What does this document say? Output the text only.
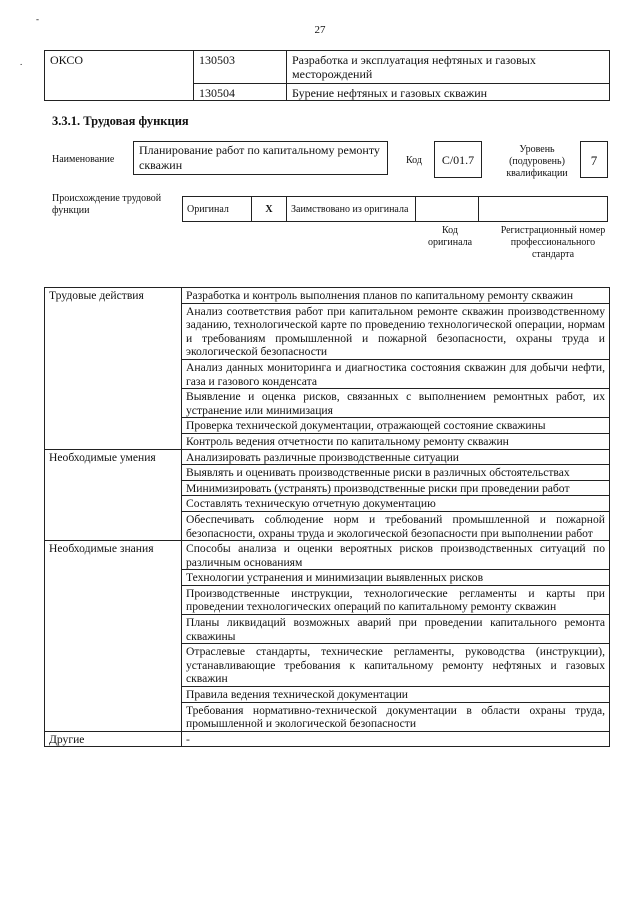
-
.
27
ОКСО	130503	Разработка и эксплуатация нефтяных и газовых месторождений
	130504	Бурение нефтяных и газовых скважин
3.3.1. Трудовая функция
Наименование
Планирование работ по капитальному ремонту скважин	Код	С/01.7
Уровень (подуровень) квалификации
7
Происхождение трудовой функции	Оригинал	X	Заимствовано из оригинала		
Код оригинала
Регистрационный номер профессионального стандарта
Трудовые действия	Разработка и контроль выполнения планов по капитальному ремонту скважин
	Анализ соответствия работ при капитальном ремонте скважин производственному заданию, технологической карте по проведению технологической операции, нормам и требованиям промышленной и пожарной безопасности, охраны труда и экологической безопасности
	Анализ данных мониторинга и диагностика состояния скважин для добычи нефти, газа и газового конденсата
	Выявление и оценка рисков, связанных с выполнением ремонтных работ, их устранение или минимизация
	Проверка технической документации, отражающей состояние скважины
	Контроль ведения отчетности по капитальному ремонту скважин
Необходимые умения	Анализировать различные производственные ситуации
	Выявлять и оценивать производственные риски в различных обстоятельствах
	Минимизировать (устранять) производственные риски при проведении работ
	Составлять техническую отчетную документацию
	Обеспечивать соблюдение норм и требований промышленной и пожарной безопасности, охраны труда и экологической безопасности при выполнении работ
Необходимые знания	Способы анализа и оценки вероятных рисков производственных ситуаций по различным основаниям
	Технологии устранения и минимизации выявленных рисков
	Производственные инструкции, технологические регламенты и карты при проведении технологических операций по капитальному ремонту скважин
	Планы ликвидаций возможных аварий при проведении капитального ремонта скважины
	Отраслевые стандарты, технические регламенты, руководства (инструкции), устанавливающие требования к капитальному ремонту нефтяных и газовых скважин
	Правила ведения технической документации
	Требования нормативно-технической документации в области охраны труда, промышленной и экологической безопасности
Другие	-
